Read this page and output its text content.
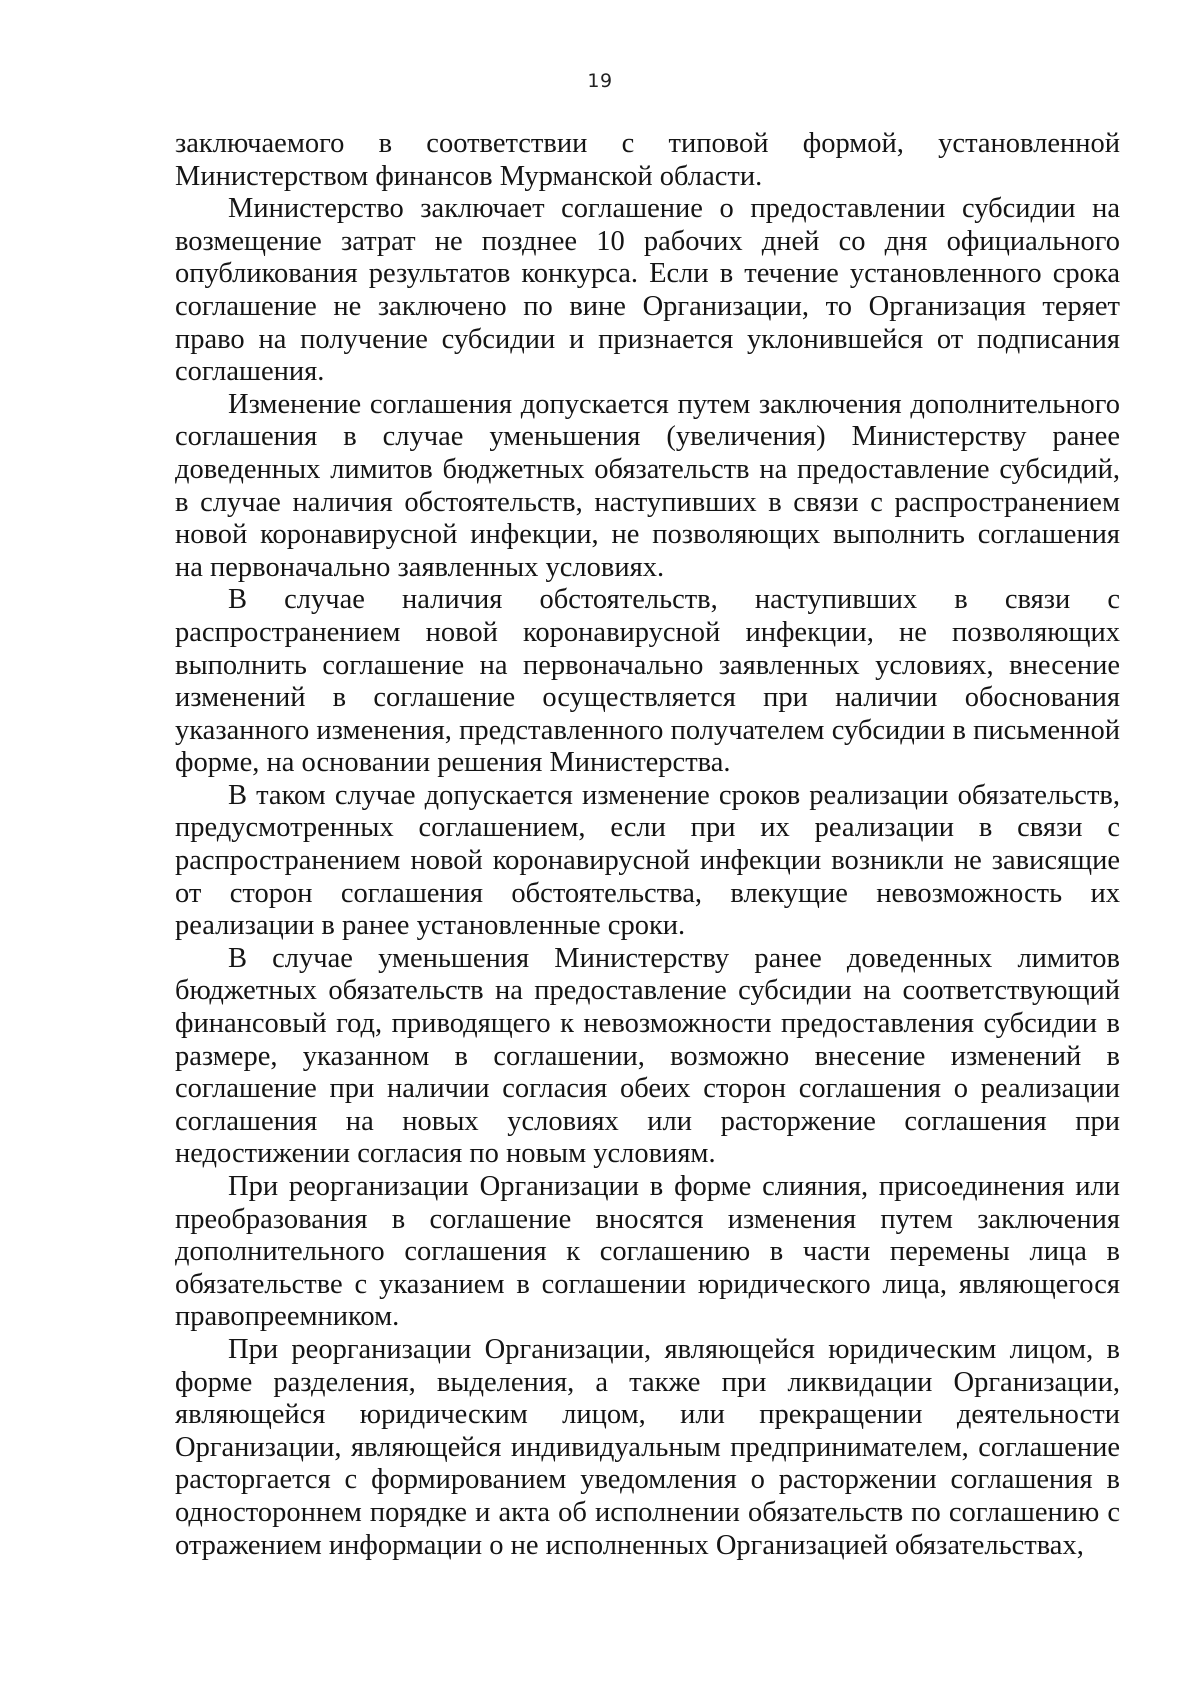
19

заключаемого в соответствии с типовой формой, установленной Министерством финансов Мурманской области.

Министерство заключает соглашение о предоставлении субсидии на возмещение затрат не позднее 10 рабочих дней со дня официального опубликования результатов конкурса. Если в течение установленного срока соглашение не заключено по вине Организации, то Организация теряет право на получение субсидии и признается уклонившейся от подписания соглашения.

Изменение соглашения допускается путем заключения дополнительного соглашения в случае уменьшения (увеличения) Министерству ранее доведенных лимитов бюджетных обязательств на предоставление субсидий, в случае наличия обстоятельств, наступивших в связи с распространением новой коронавирусной инфекции, не позволяющих выполнить соглашения на первоначально заявленных условиях.

В случае наличия обстоятельств, наступивших в связи с распространением новой коронавирусной инфекции, не позволяющих выполнить соглашение на первоначально заявленных условиях, внесение изменений в соглашение осуществляется при наличии обоснования указанного изменения, представленного получателем субсидии в письменной форме, на основании решения Министерства.

В таком случае допускается изменение сроков реализации обязательств, предусмотренных соглашением, если при их реализации в связи с распространением новой коронавирусной инфекции возникли не зависящие от сторон соглашения обстоятельства, влекущие невозможность их реализации в ранее установленные сроки.

В случае уменьшения Министерству ранее доведенных лимитов бюджетных обязательств на предоставление субсидии на соответствующий финансовый год, приводящего к невозможности предоставления субсидии в размере, указанном в соглашении, возможно внесение изменений в соглашение при наличии согласия обеих сторон соглашения о реализации соглашения на новых условиях или расторжение соглашения при недостижении согласия по новым условиям.

При реорганизации Организации в форме слияния, присоединения или преобразования в соглашение вносятся изменения путем заключения дополнительного соглашения к соглашению в части перемены лица в обязательстве с указанием в соглашении юридического лица, являющегося правопреемником.

При реорганизации Организации, являющейся юридическим лицом, в форме разделения, выделения, а также при ликвидации Организации, являющейся юридическим лицом, или прекращении деятельности Организации, являющейся индивидуальным предпринимателем, соглашение расторгается с формированием уведомления о расторжении соглашения в одностороннем порядке и акта об исполнении обязательств по соглашению с отражением информации о не исполненных Организацией обязательствах,
